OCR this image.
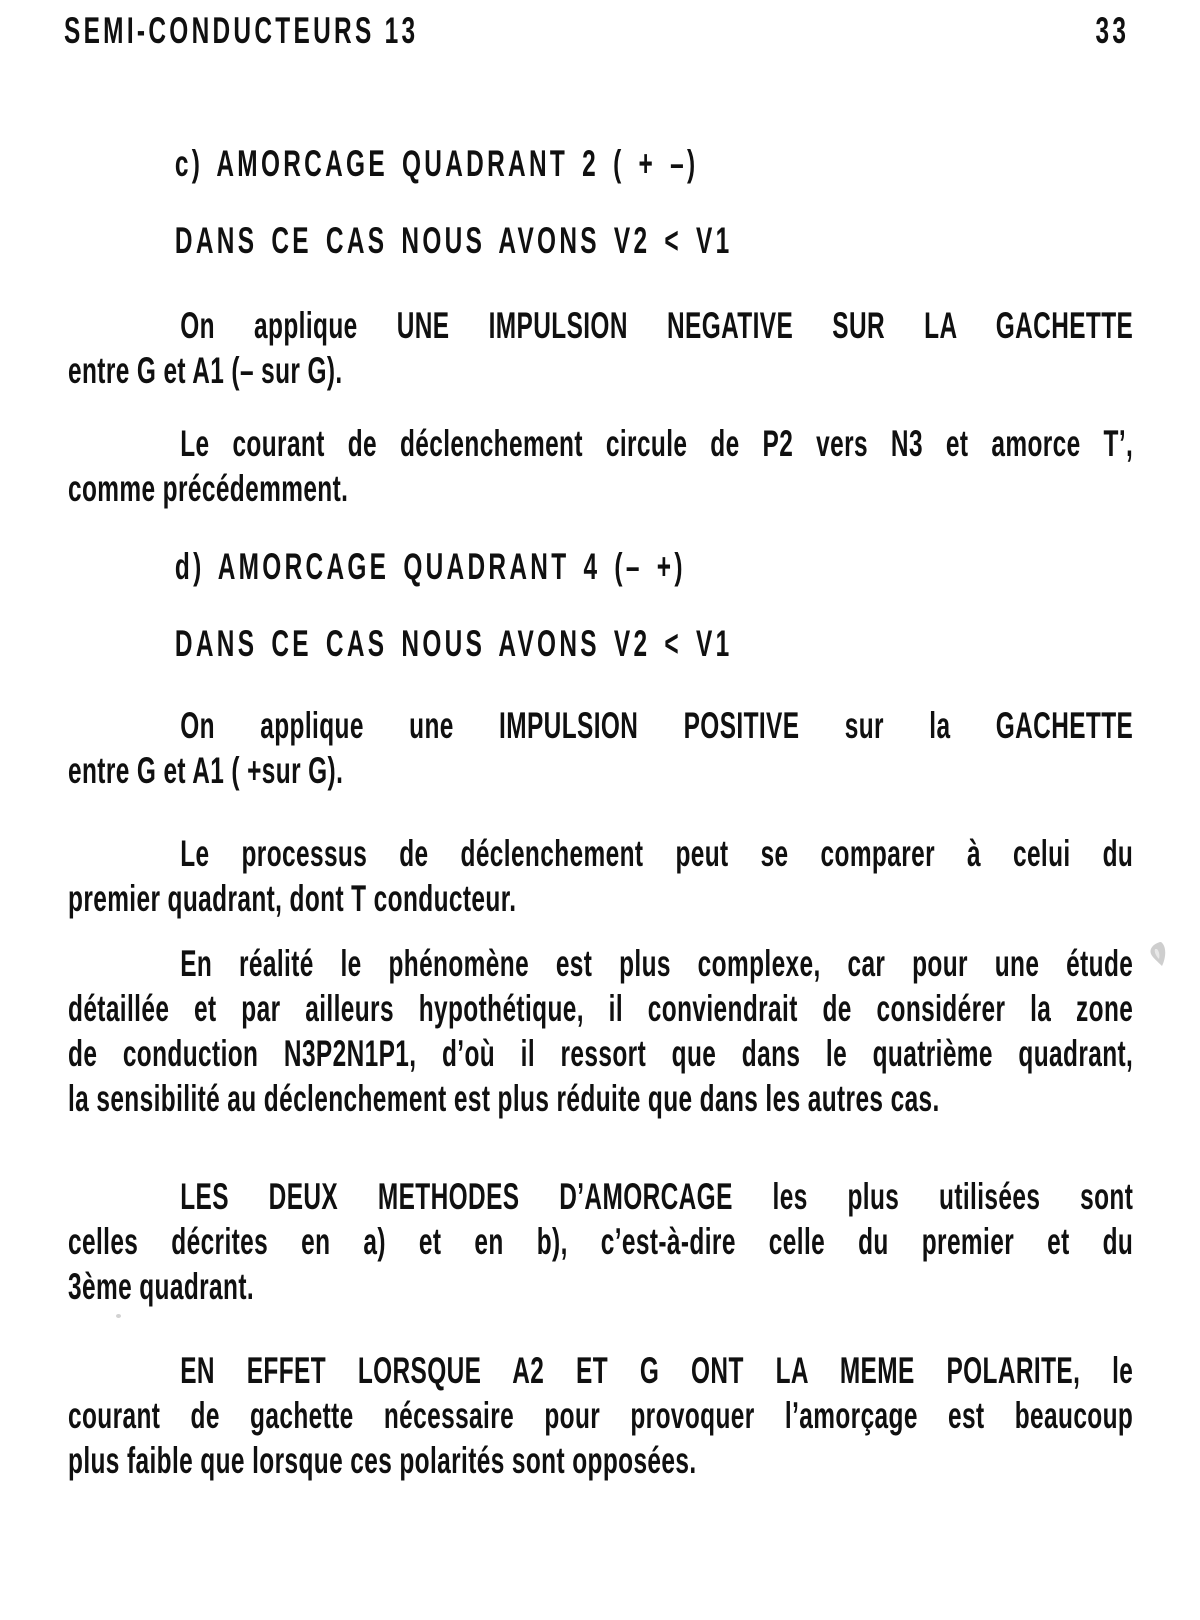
SEMI-CONDUCTEURS 13	33
c) AMORCAGE QUADRANT 2 ( + –)
DANS CE CAS NOUS AVONS V2 < V1
On applique UNE IMPULSION NEGATIVE SUR LA GACHETTE
entre G et A1 (– sur G).
Le courant de déclenchement circule de P2 vers N3 et amorce T’,
comme précédemment.
d) AMORCAGE QUADRANT 4 (– +)
DANS CE CAS NOUS AVONS V2 < V1
On applique une IMPULSION POSITIVE sur la GACHETTE
entre G et A1 ( +sur G).
Le processus de déclenchement peut se comparer à celui du
premier quadrant, dont T conducteur.
En réalité le phénomène est plus complexe, car pour une étude
détaillée et par ailleurs hypothétique, il conviendrait de considérer la zone
de conduction N3P2N1P1, d’où il ressort que dans le quatrième quadrant,
la sensibilité au déclenchement est plus réduite que dans les autres cas.
LES DEUX METHODES D’AMORCAGE les plus utilisées sont
celles décrites en a) et en b), c’est-à-dire celle du premier et du
3ème quadrant.
EN EFFET LORSQUE A2 ET G ONT LA MEME POLARITE, le
courant de gachette nécessaire pour provoquer l’amorçage est beaucoup
plus faible que lorsque ces polarités sont opposées.
